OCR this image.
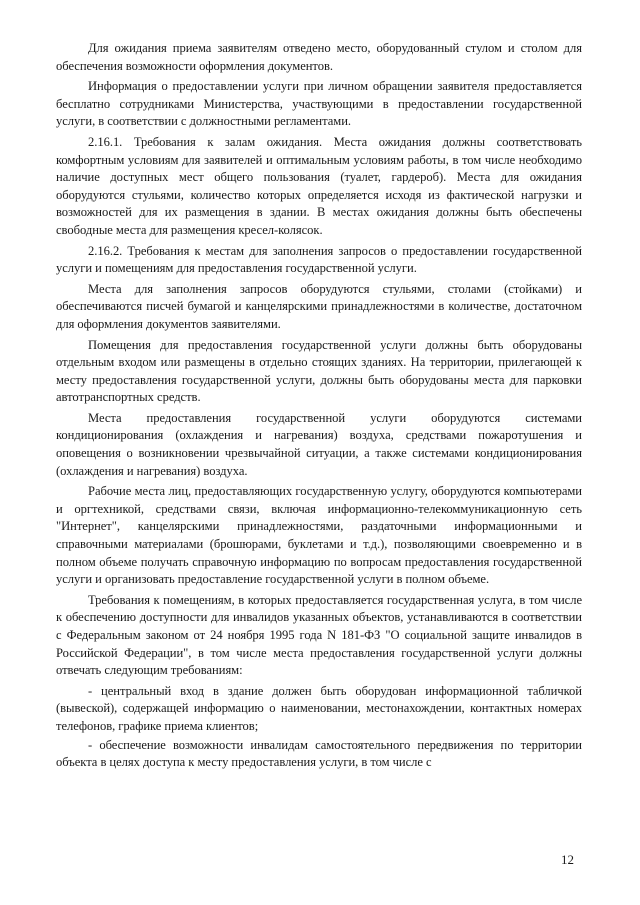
Для ожидания приема заявителям отведено место, оборудованный стулом и столом для обеспечения возможности оформления документов.

Информация о предоставлении услуги при личном обращении заявителя предоставляется бесплатно сотрудниками Министерства, участвующими в предоставлении государственной услуги, в соответствии с должностными регламентами.

2.16.1. Требования к залам ожидания. Места ожидания должны соответствовать комфортным условиям для заявителей и оптимальным условиям работы, в том числе необходимо наличие доступных мест общего пользования (туалет, гардероб). Места для ожидания оборудуются стульями, количество которых определяется исходя из фактической нагрузки и возможностей для их размещения в здании. В местах ожидания должны быть обеспечены свободные места для размещения кресел-колясок.

2.16.2. Требования к местам для заполнения запросов о предоставлении государственной услуги и помещениям для предоставления государственной услуги.

Места для заполнения запросов оборудуются стульями, столами (стойками) и обеспечиваются писчей бумагой и канцелярскими принадлежностями в количестве, достаточном для оформления документов заявителями.

Помещения для предоставления государственной услуги должны быть оборудованы отдельным входом или размещены в отдельно стоящих зданиях. На территории, прилегающей к месту предоставления государственной услуги, должны быть оборудованы места для парковки автотранспортных средств.

Места предоставления государственной услуги оборудуются системами кондиционирования (охлаждения и нагревания) воздуха, средствами пожаротушения и оповещения о возникновении чрезвычайной ситуации, а также системами кондиционирования (охлаждения и нагревания) воздуха.

Рабочие места лиц, предоставляющих государственную услугу, оборудуются компьютерами и оргтехникой, средствами связи, включая информационно-телекоммуникационную сеть "Интернет", канцелярскими принадлежностями, раздаточными информационными и справочными материалами (брошюрами, буклетами и т.д.), позволяющими своевременно и в полном объеме получать справочную информацию по вопросам предоставления государственной услуги и организовать предоставление государственной услуги в полном объеме.

Требования к помещениям, в которых предоставляется государственная услуга, в том числе к обеспечению доступности для инвалидов указанных объектов, устанавливаются в соответствии с Федеральным законом от 24 ноября 1995 года N 181-ФЗ "О социальной защите инвалидов в Российской Федерации", в том числе места предоставления государственной услуги должны отвечать следующим требованиям:

- центральный вход в здание должен быть оборудован информационной табличкой (вывеской), содержащей информацию о наименовании, местонахождении, контактных номерах телефонов, графике приема клиентов;

- обеспечение возможности инвалидам самостоятельного передвижения по территории объекта в целях доступа к месту предоставления услуги, в том числе с

12
